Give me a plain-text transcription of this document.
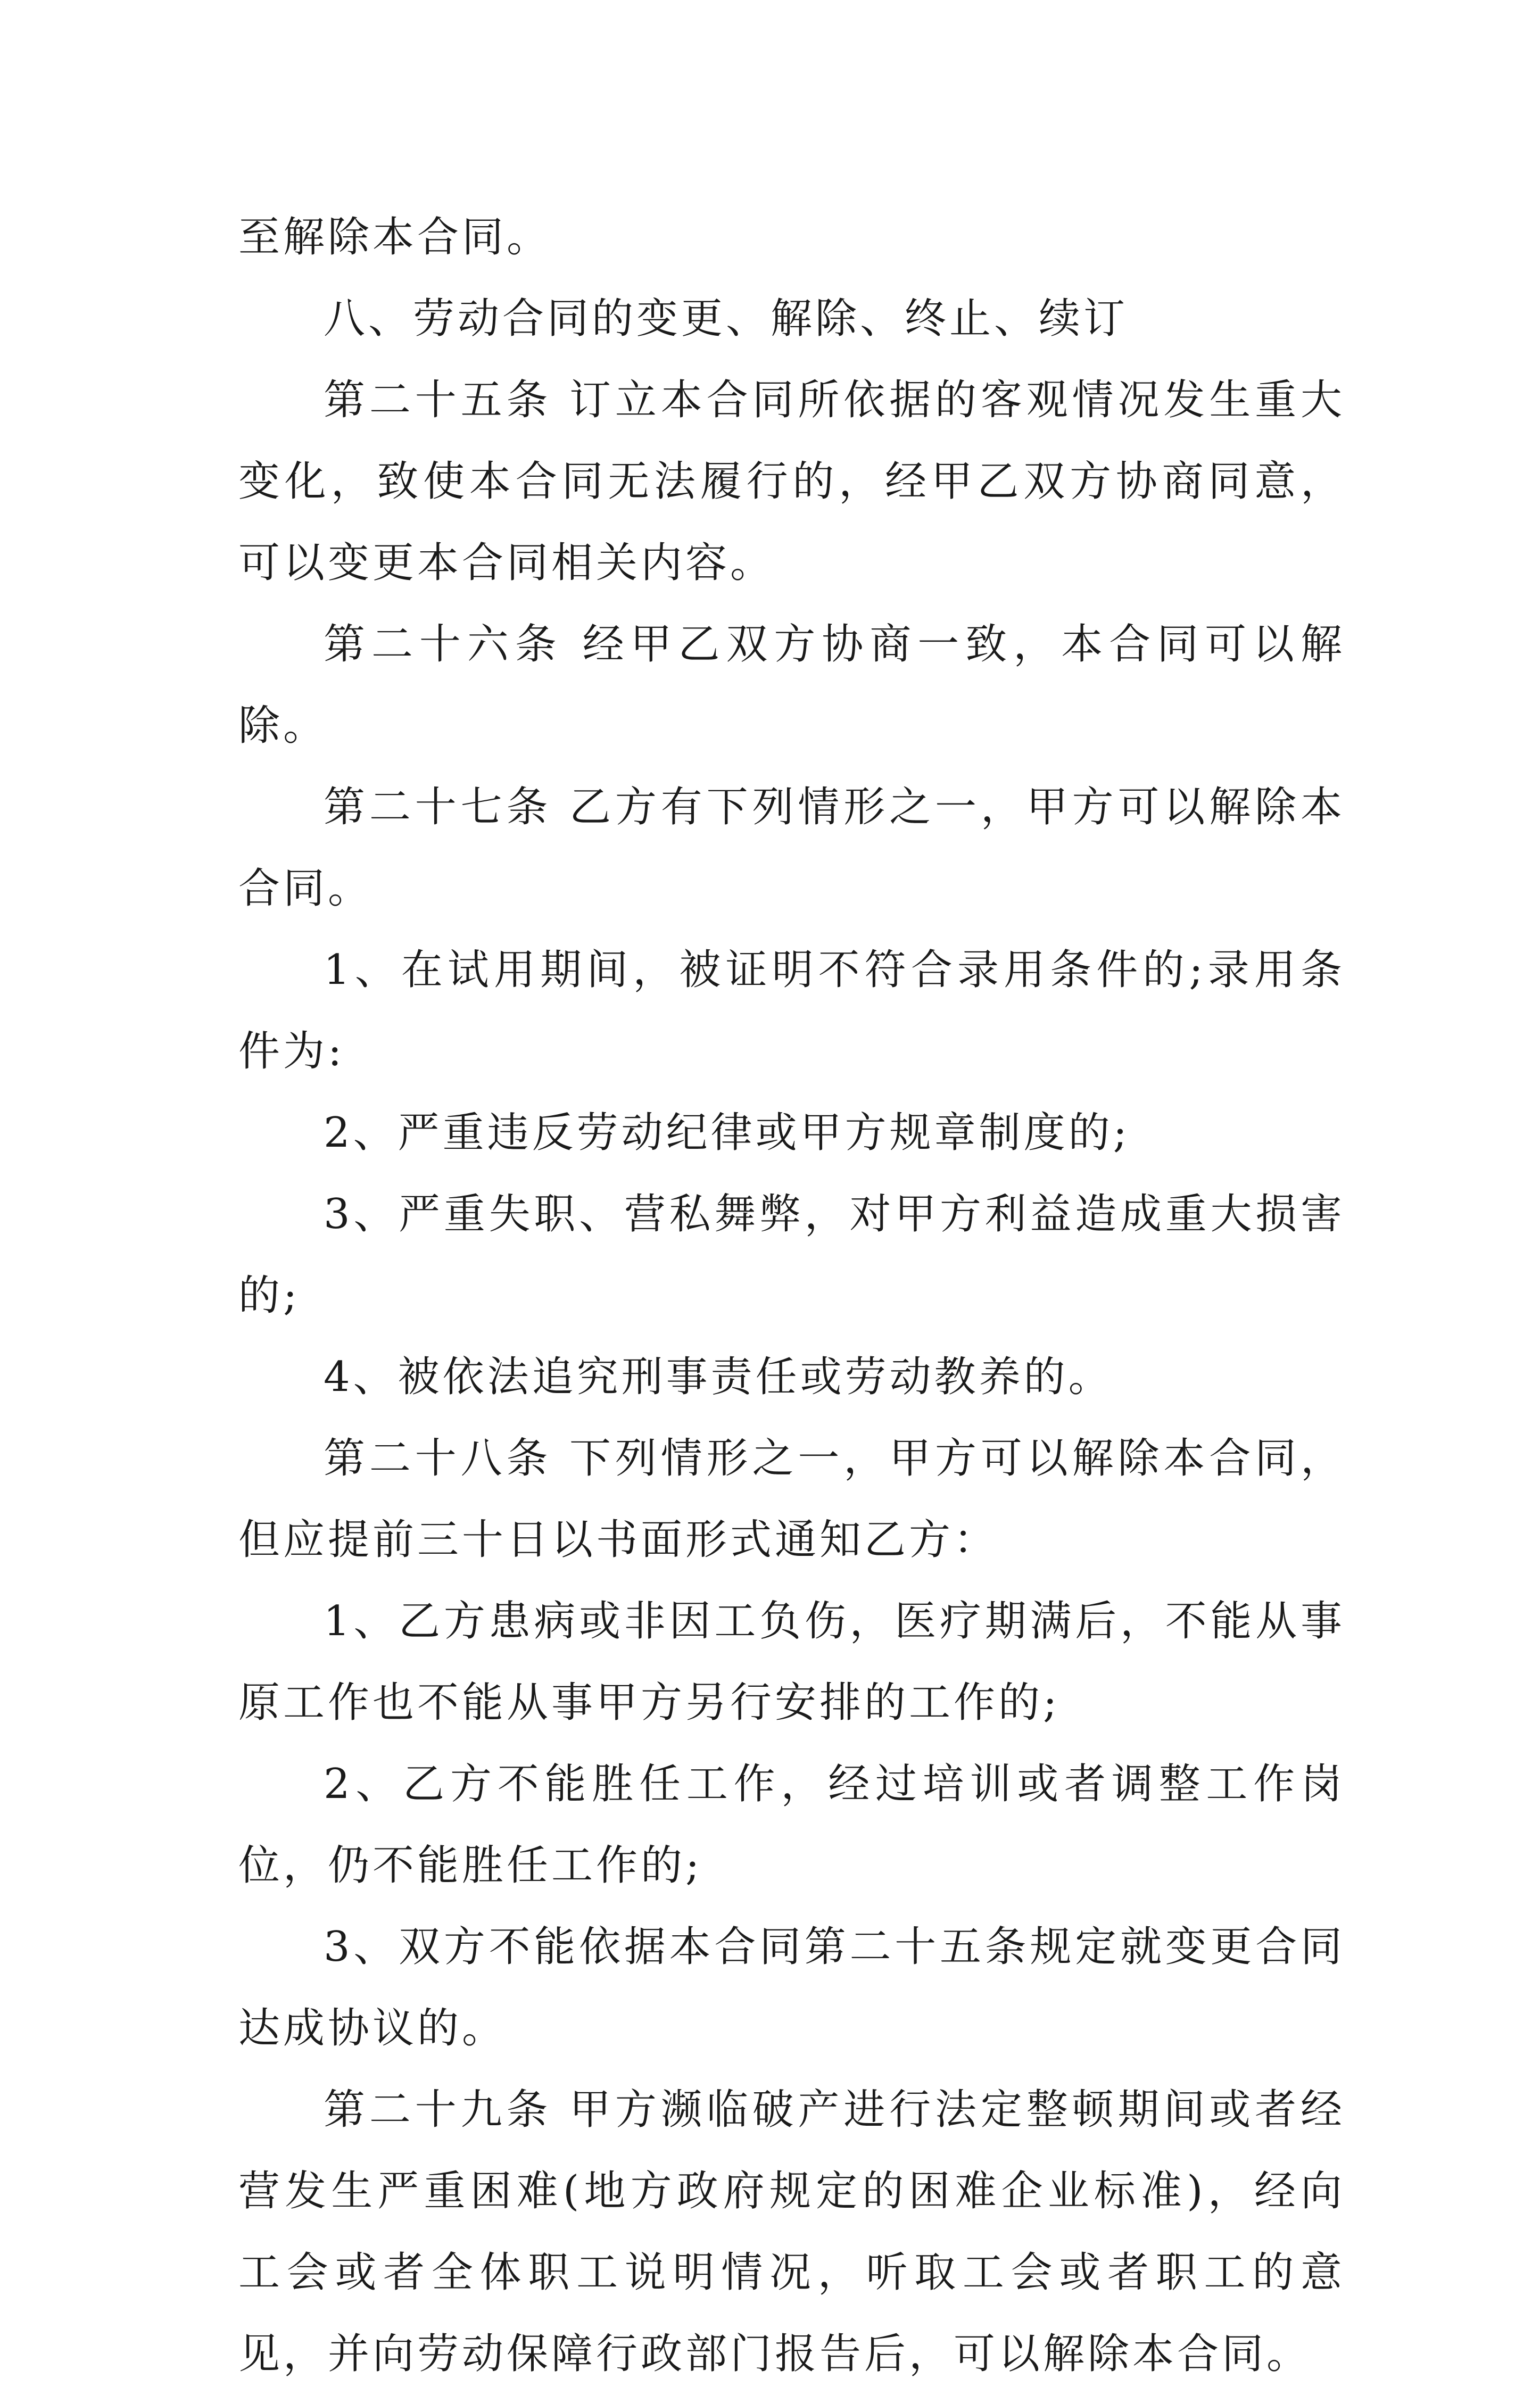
至解除本合同。

八、劳动合同的变更、解除、终止、续订

第二十五条 订立本合同所依据的客观情况发生重大变化，致使本合同无法履行的，经甲乙双方协商同意，可以变更本合同相关内容。

第二十六条 经甲乙双方协商一致，本合同可以解除。

第二十七条 乙方有下列情形之一，甲方可以解除本合同。

1、在试用期间，被证明不符合录用条件的;录用条件为:

2、严重违反劳动纪律或甲方规章制度的;

3、严重失职、营私舞弊，对甲方利益造成重大损害的;

4、被依法追究刑事责任或劳动教养的。

第二十八条 下列情形之一，甲方可以解除本合同，但应提前三十日以书面形式通知乙方：

1、乙方患病或非因工负伤，医疗期满后，不能从事原工作也不能从事甲方另行安排的工作的;

2、乙方不能胜任工作，经过培训或者调整工作岗位，仍不能胜任工作的;

3、双方不能依据本合同第二十五条规定就变更合同达成协议的。

第二十九条 甲方濒临破产进行法定整顿期间或者经营发生严重困难(地方政府规定的困难企业标准)，经向工会或者全体职工说明情况，听取工会或者职工的意见，并向劳动保障行政部门报告后，可以解除本合同。
